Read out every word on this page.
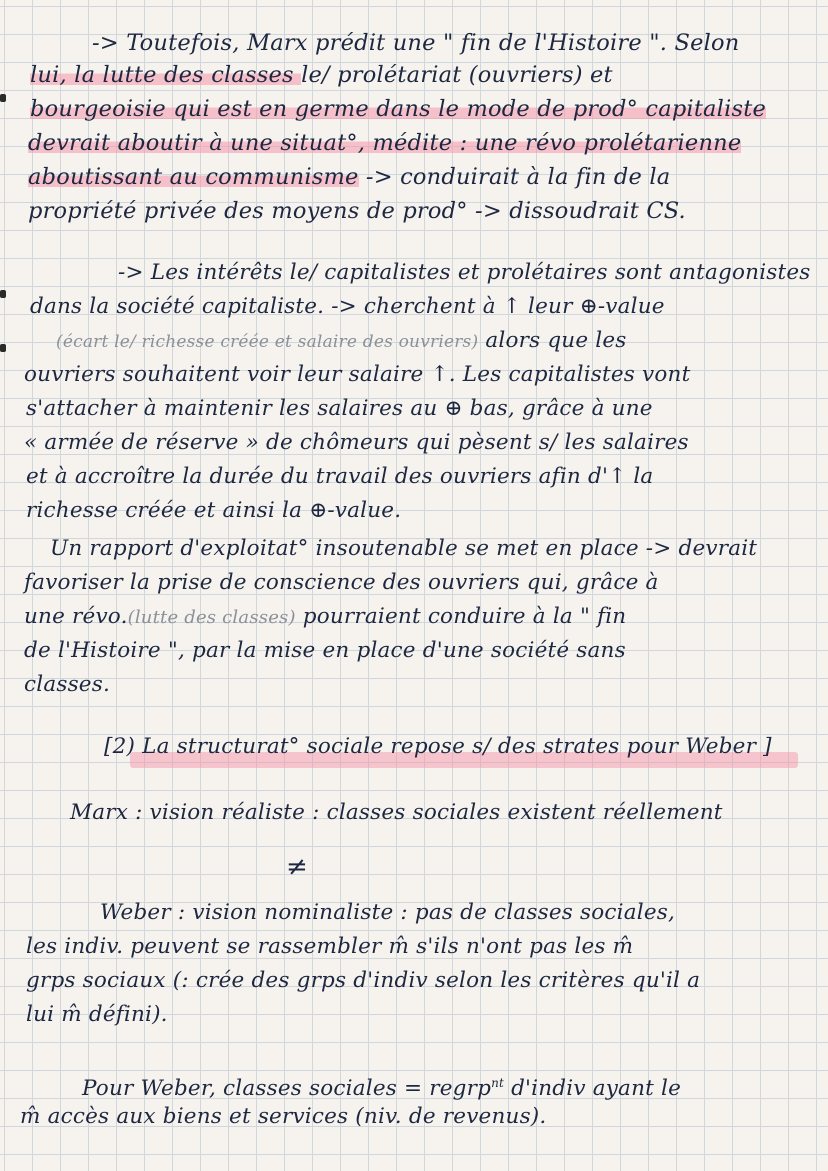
-> Toutefois, Marx prédit une " fin de l'Histoire ". Selon
lui, la lutte des classes le/ prolétariat (ouvriers) et
bourgeoisie qui est en germe dans le mode de prod° capitaliste
devrait aboutir à une situat°, médite : une révo prolétarienne
aboutissant au communisme -> conduirait à la fin de la
propriété privée des moyens de prod° -> dissoudrait CS.
-> Les intérêts le/ capitalistes et prolétaires sont antagonistes
dans la société capitaliste. -> cherchent à ↑ leur ⊕-value
(écart le/ richesse créée et salaire des ouvriers) alors que les
ouvriers souhaitent voir leur salaire ↑. Les capitalistes vont
s'attacher à maintenir les salaires au ⊕ bas, grâce à une
« armée de réserve » de chômeurs qui pèsent s/ les salaires
et à accroître la durée du travail des ouvriers afin d'↑ la
richesse créée et ainsi la ⊕-value.
Un rapport d'exploitat° insoutenable se met en place -> devrait
favoriser la prise de conscience des ouvriers qui, grâce à
une révo.(lutte des classes) pourraient conduire à la " fin
de l'Histoire ", par la mise en place d'une société sans
classes.
[2) La structurat° sociale repose s/ des strates pour Weber ]
Marx : vision réaliste : classes sociales existent réellement
≠
Weber : vision nominaliste : pas de classes sociales,
les indiv. peuvent se rassembler m̂ s'ils n'ont pas les m̂
grps sociaux (: crée des grps d'indiv selon les critères qu'il a
lui m̂ défini).
Pour Weber, classes sociales = regrp$^{nt}$ d'indiv ayant le
m̂ accès aux biens et services (niv. de revenus).
